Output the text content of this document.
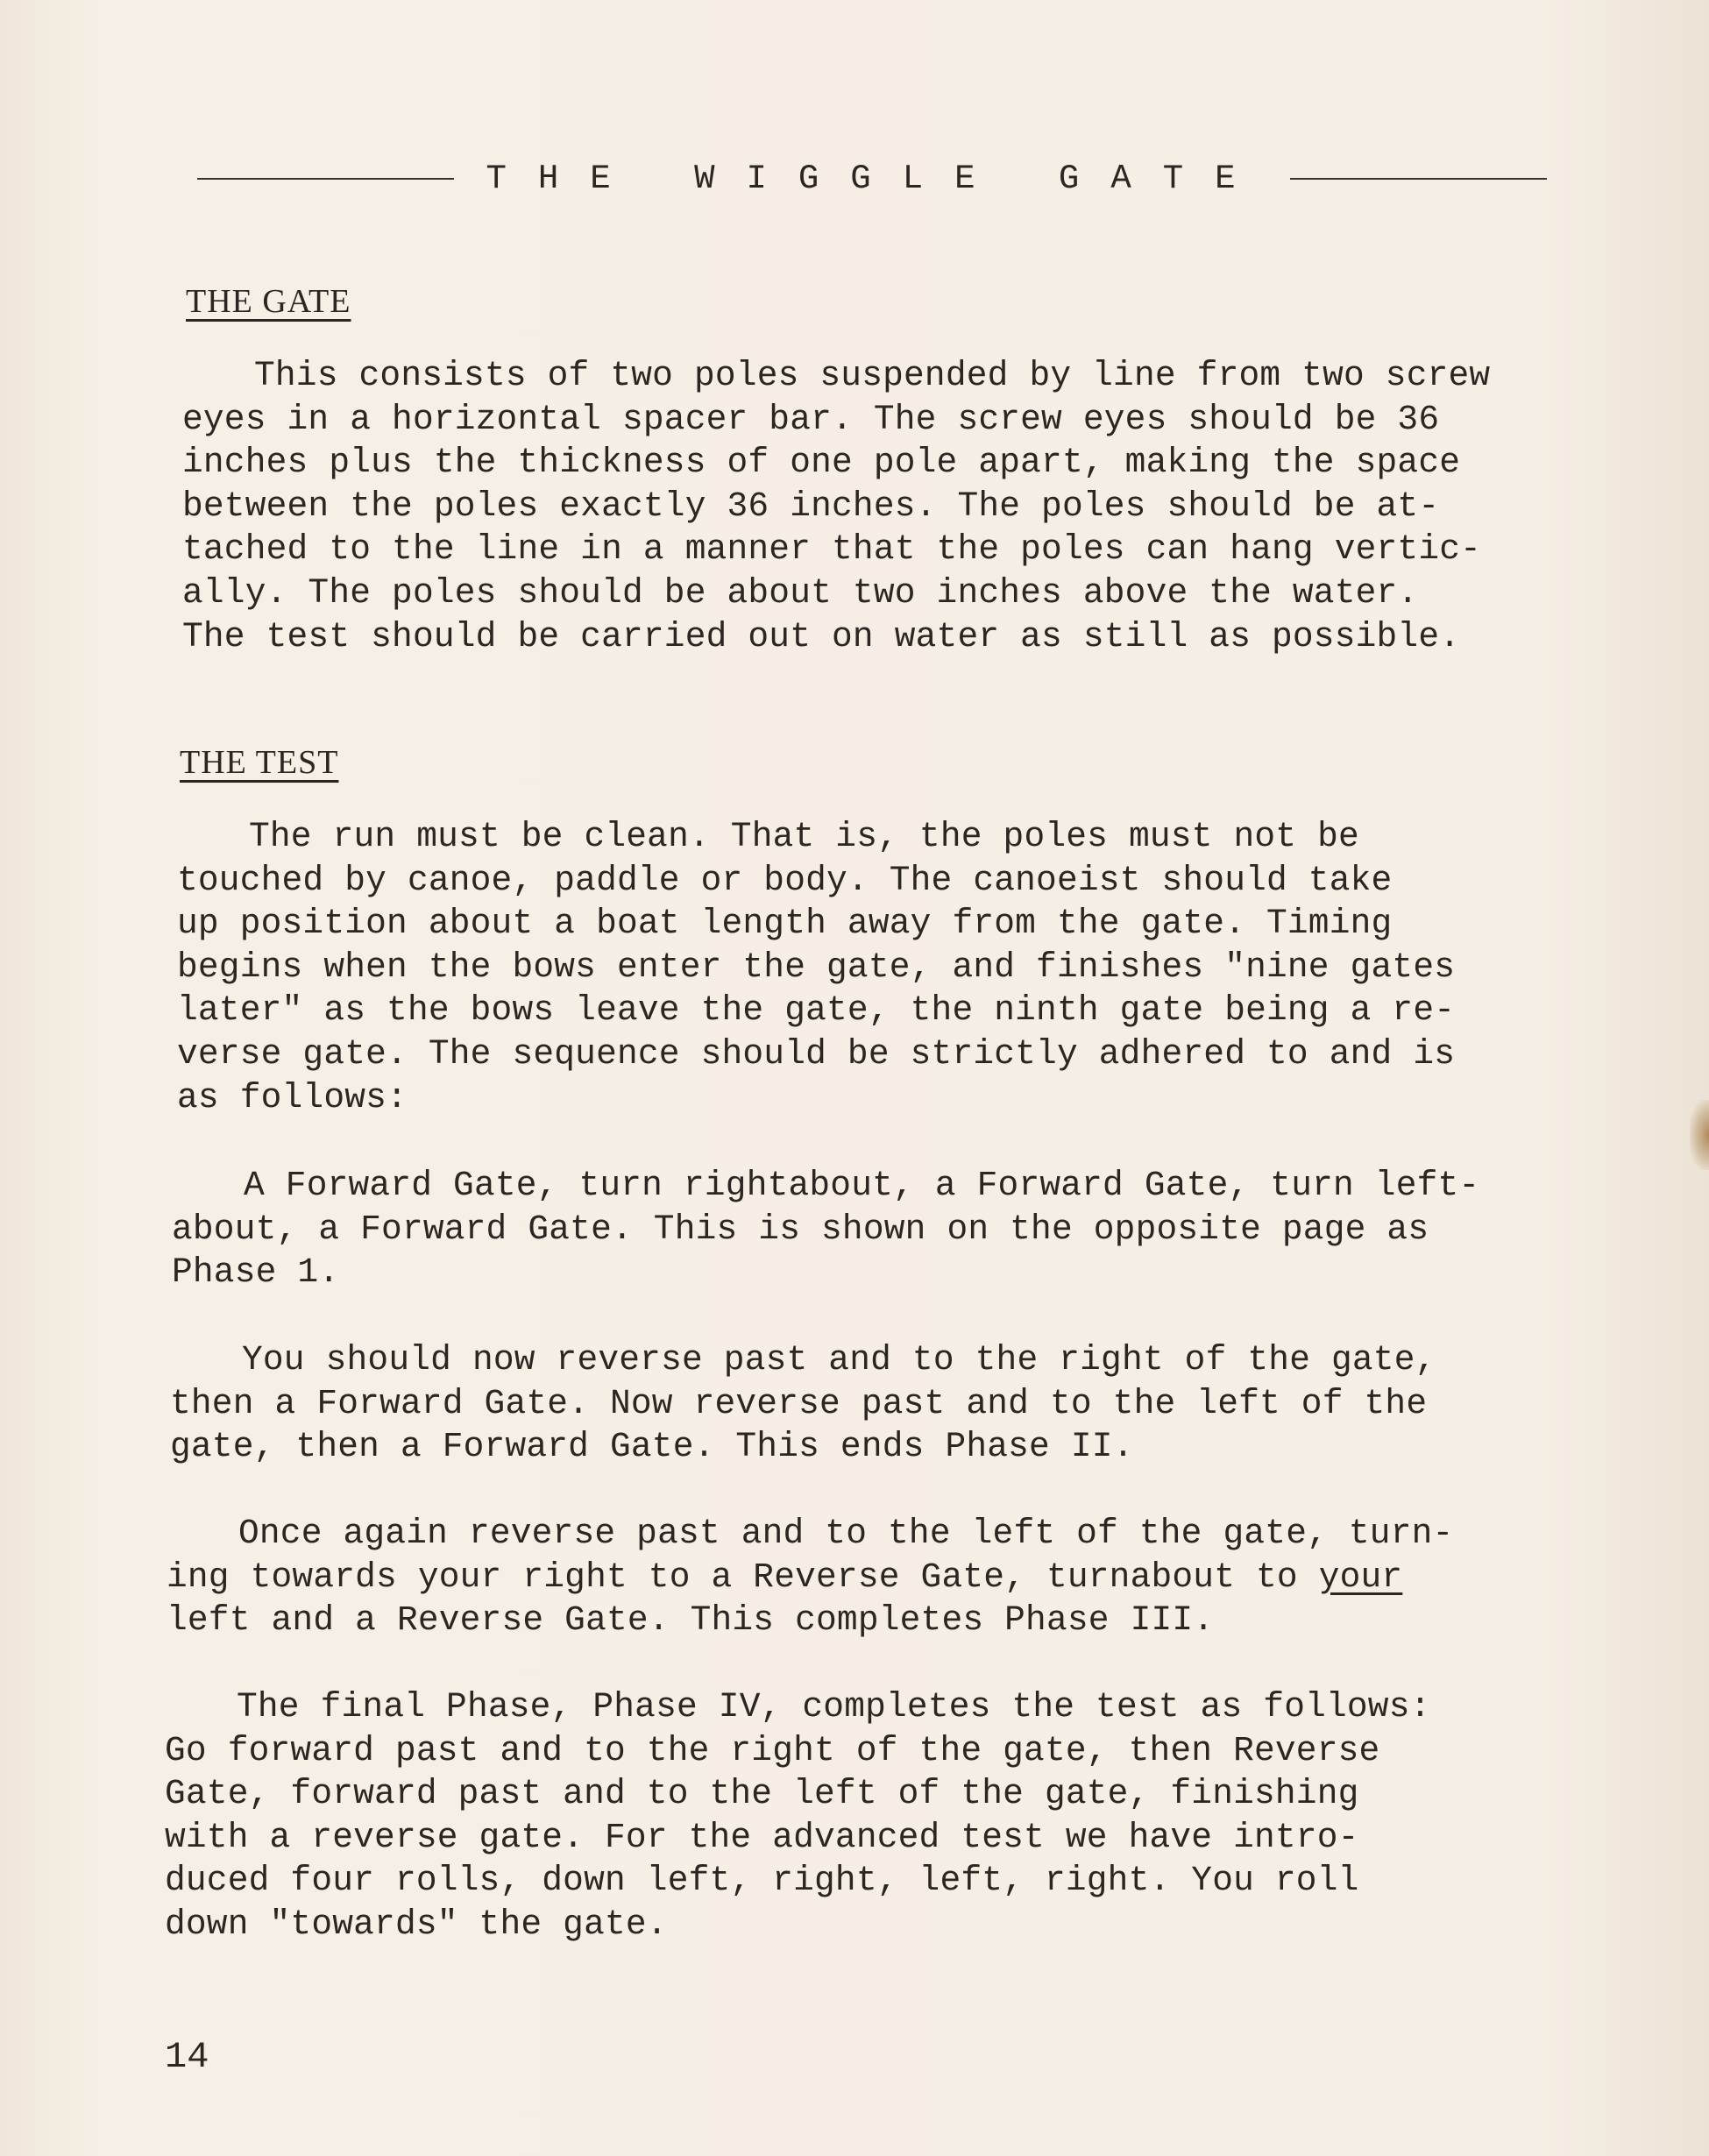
THE WIGGLE GATE
THE GATE

This consists of two poles suspended by line from two screw
eyes in a horizontal spacer bar. The screw eyes should be 36
inches plus the thickness of one pole apart, making the space
between the poles exactly 36 inches. The poles should be at-
tached to the line in a manner that the poles can hang vertic-
ally. The poles should be about two inches above the water.
The test should be carried out on water as still as possible.

THE TEST

The run must be clean. That is, the poles must not be
touched by canoe, paddle or body. The canoeist should take
up position about a boat length away from the gate. Timing
begins when the bows enter the gate, and finishes "nine gates
later" as the bows leave the gate, the ninth gate being a re-
verse gate. The sequence should be strictly adhered to and is
as follows:

A Forward Gate, turn rightabout, a Forward Gate, turn left-
about, a Forward Gate. This is shown on the opposite page as
Phase 1.

You should now reverse past and to the right of the gate,
then a Forward Gate. Now reverse past and to the left of the
gate, then a Forward Gate. This ends Phase II.

Once again reverse past and to the left of the gate, turn-
ing towards your right to a Reverse Gate, turnabout to your
left and a Reverse Gate. This completes Phase III.

The final Phase, Phase IV, completes the test as follows:
Go forward past and to the right of the gate, then Reverse
Gate, forward past and to the left of the gate, finishing
with a reverse gate. For the advanced test we have intro-
duced four rolls, down left, right, left, right. You roll
down "towards" the gate.

14
